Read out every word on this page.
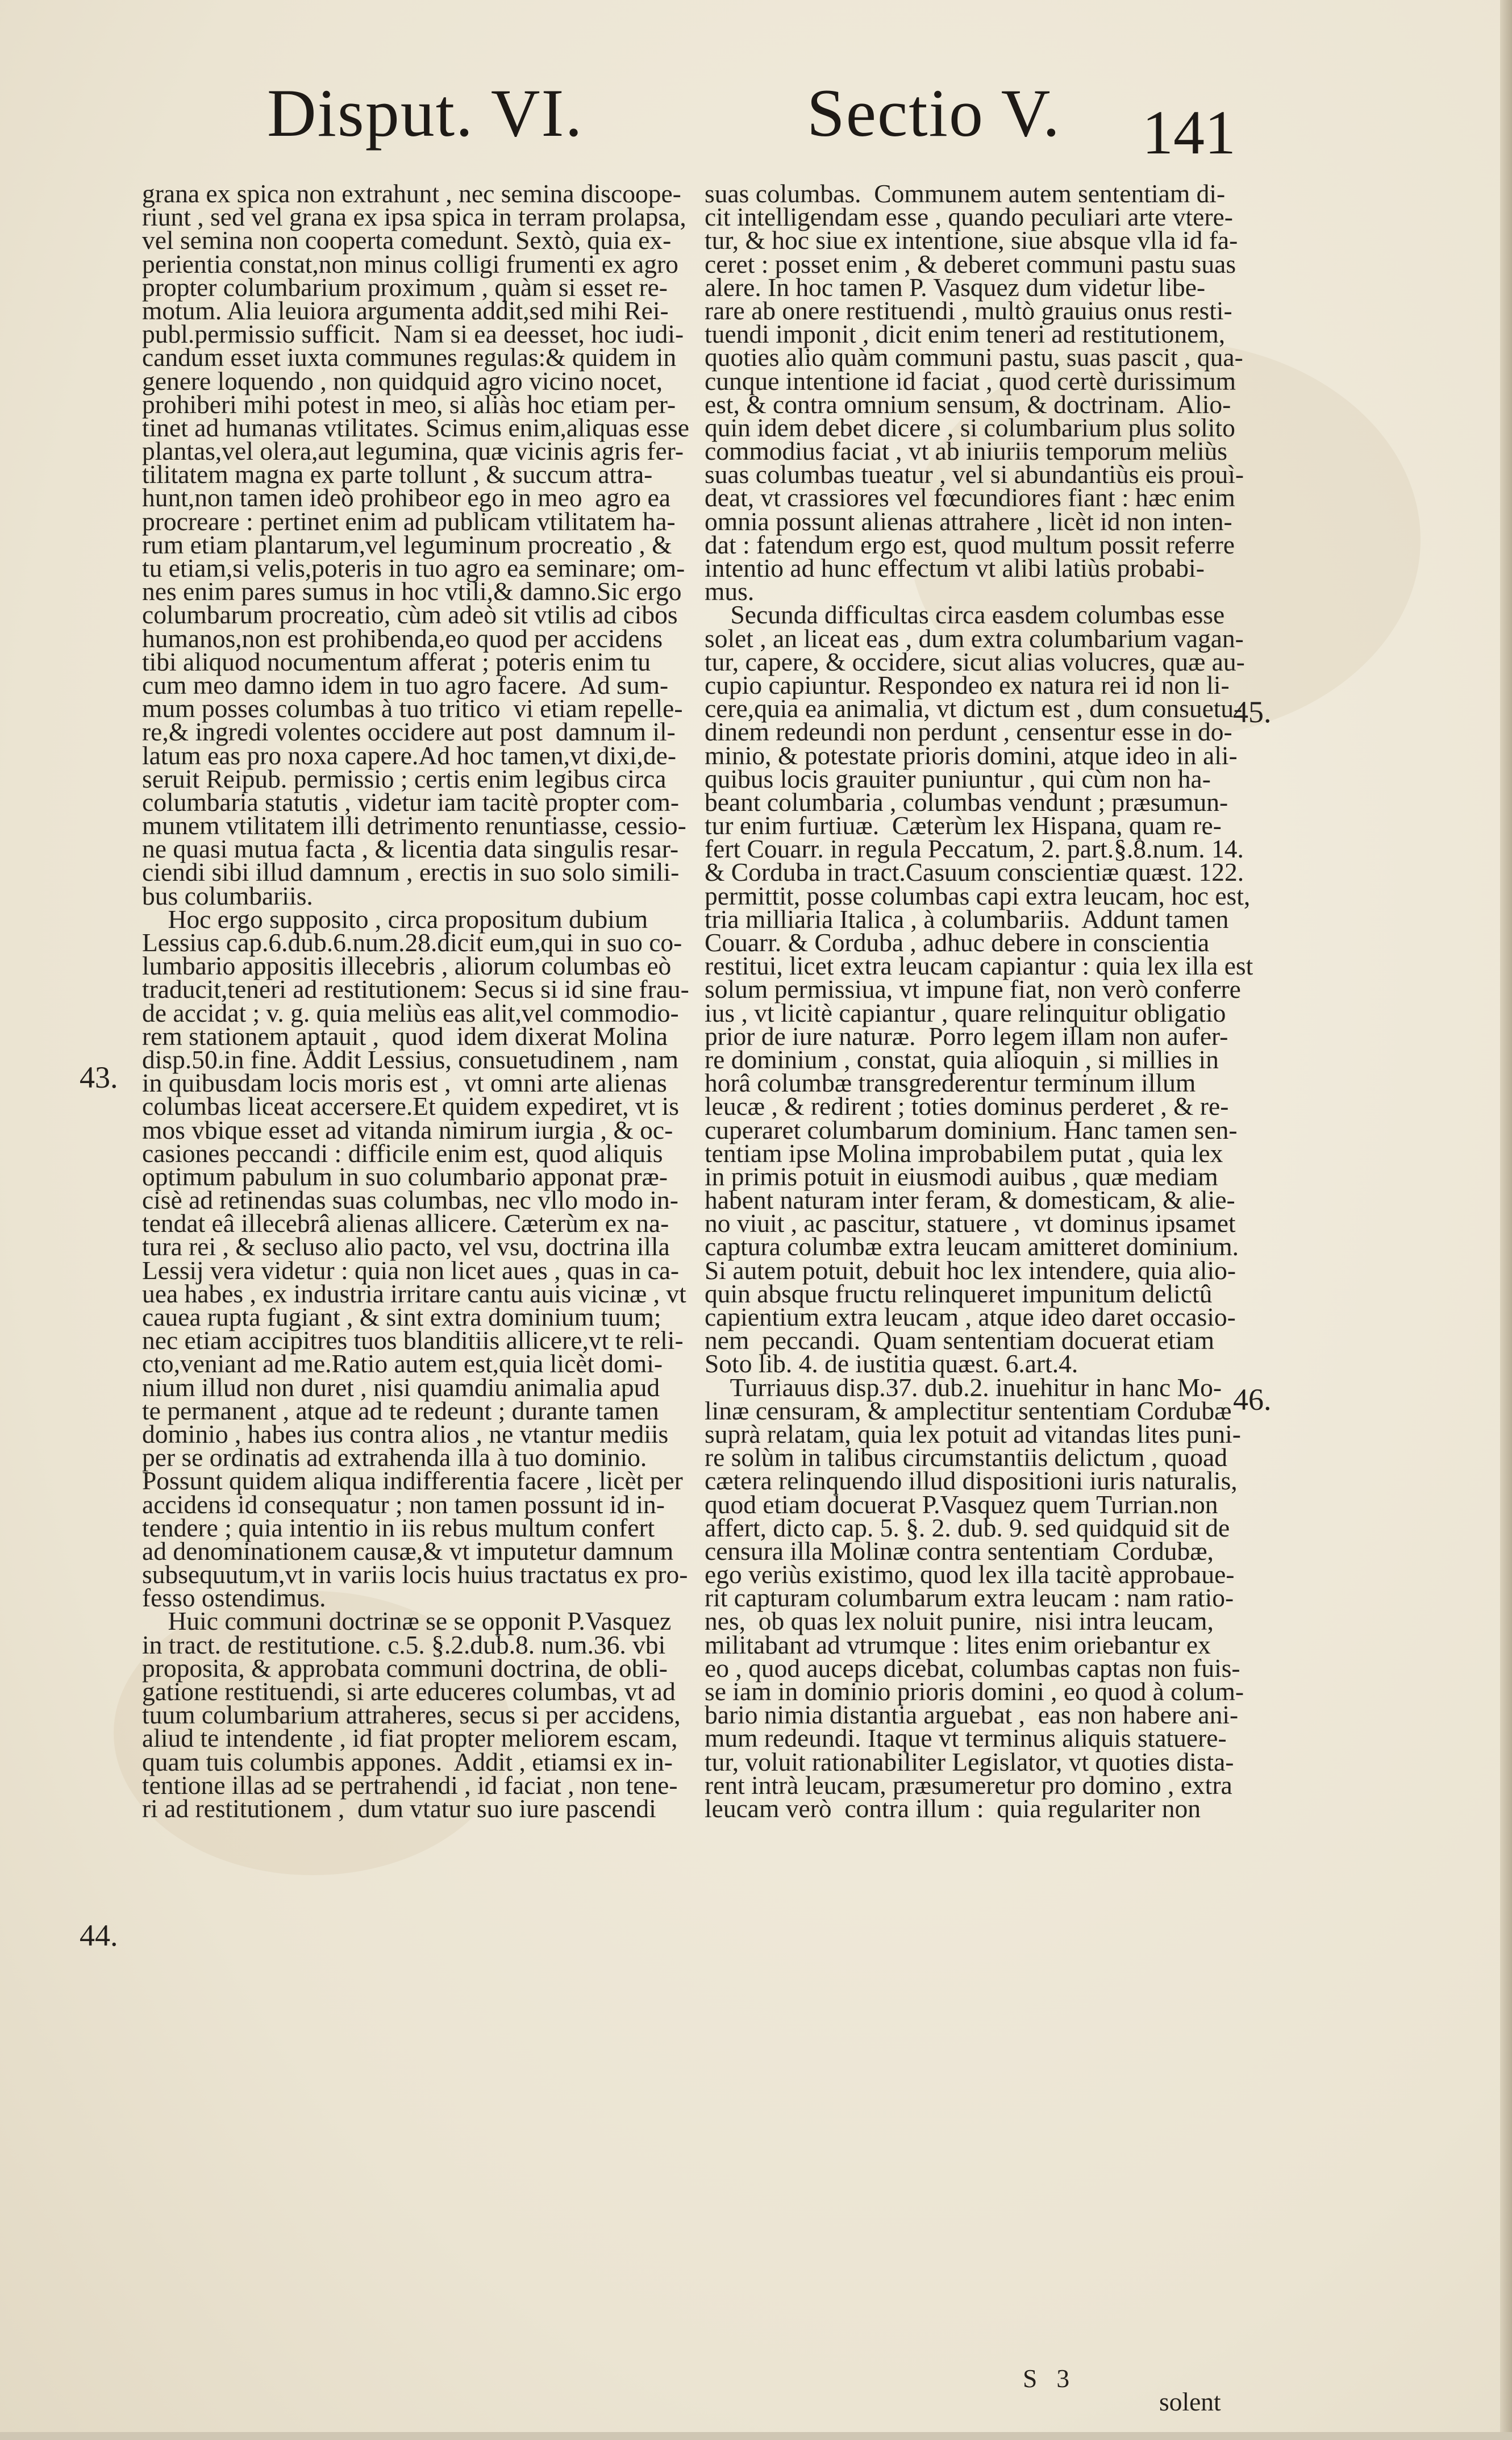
Disput. VI.	Sectio V. 141
43.
44.
45.
46.
grana ex spica non extrahunt , nec semina discoope-
riunt , sed vel grana ex ipsa spica in terram prolapsa,
vel semina non cooperta comedunt. Sextò, quia ex-
perientia constat,non minus colligi frumenti ex agro
propter columbarium proximum , quàm si esset re-
motum. Alia leuiora argumenta addit,sed mihi Rei-
publ.permissio sufficit.  Nam si ea deesset, hoc iudi-
candum esset iuxta communes regulas:& quidem in
genere loquendo , non quidquid agro vicino nocet,
prohiberi mihi potest in meo, si aliàs hoc etiam per-
tinet ad humanas vtilitates. Scimus enim,aliquas esse
plantas,vel olera,aut legumina, quæ vicinis agris fer-
tilitatem magna ex parte tollunt , & succum attra-
hunt,non tamen ideò prohibeor ego in meo  agro ea
procreare : pertinet enim ad publicam vtilitatem ha-
rum etiam plantarum,vel leguminum procreatio , &
tu etiam,si velis,poteris in tuo agro ea seminare; om-
nes enim pares sumus in hoc vtili,& damno.Sic ergo
columbarum procreatio, cùm adeò sit vtilis ad cibos
humanos,non est prohibenda,eo quod per accidens
tibi aliquod nocumentum afferat ; poteris enim tu
cum meo damno idem in tuo agro facere.  Ad sum-
mum posses columbas à tuo tritico  vi etiam repelle-
re,& ingredi volentes occidere aut post  damnum il-
latum eas pro noxa capere.Ad hoc tamen,vt dixi,de-
seruit Reipub. permissio ; certis enim legibus circa
columbaria statutis , videtur iam tacitè propter com-
munem vtilitatem illi detrimento renuntiasse, cessio-
ne quasi mutua facta , & licentia data singulis resar-
ciendi sibi illud damnum , erectis in suo solo simili-
bus columbariis.
Hoc ergo supposito , circa propositum dubium
Lessius cap.6.dub.6.num.28.dicit eum,qui in suo co-
lumbario appositis illecebris , aliorum columbas eò
traducit,teneri ad restitutionem: Secus si id sine frau-
de accidat ; v. g. quia meliùs eas alit,vel commodio-
rem stationem aptauit ,  quod  idem dixerat Molina
disp.50.in fine. Addit Lessius, consuetudinem , nam
in quibusdam locis moris est ,  vt omni arte alienas
columbas liceat accersere.Et quidem expediret, vt is
mos vbique esset ad vitanda nimirum iurgia , & oc-
casiones peccandi : difficile enim est, quod aliquis
optimum pabulum in suo columbario apponat præ-
cisè ad retinendas suas columbas, nec vllo modo in-
tendat eâ illecebrâ alienas allicere. Cæterùm ex na-
tura rei , & secluso alio pacto, vel vsu, doctrina illa
Lessij vera videtur : quia non licet aues , quas in ca-
uea habes , ex industria irritare cantu auis vicinæ , vt
cauea rupta fugiant , & sint extra dominium tuum;
nec etiam accipitres tuos blanditiis allicere,vt te reli-
cto,veniant ad me.Ratio autem est,quia licèt domi-
nium illud non duret , nisi quamdiu animalia apud
te permanent , atque ad te redeunt ; durante tamen
dominio , habes ius contra alios , ne vtantur mediis
per se ordinatis ad extrahenda illa à tuo dominio.
Possunt quidem aliqua indifferentia facere , licèt per
accidens id consequatur ; non tamen possunt id in-
tendere ; quia intentio in iis rebus multum confert
ad denominationem causæ,& vt imputetur damnum
subsequutum,vt in variis locis huius tractatus ex pro-
fesso ostendimus.
Huic communi doctrinæ se se opponit P.Vasquez
in tract. de restitutione. c.5. §.2.dub.8. num.36. vbi
proposita, & approbata communi doctrina, de obli-
gatione restituendi, si arte educeres columbas, vt ad
tuum columbarium attraheres, secus si per accidens,
aliud te intendente , id fiat propter meliorem escam,
quam tuis columbis appones.  Addit , etiamsi ex in-
tentione illas ad se pertrahendi , id faciat , non tene-
ri ad restitutionem ,  dum vtatur suo iure pascendi
suas columbas.  Communem autem sententiam di-
cit intelligendam esse , quando peculiari arte vtere-
tur, & hoc siue ex intentione, siue absque vlla id fa-
ceret : posset enim , & deberet communi pastu suas
alere. In hoc tamen P. Vasquez dum videtur libe-
rare ab onere restituendi , multò grauius onus resti-
tuendi imponit , dicit enim teneri ad restitutionem,
quoties alio quàm communi pastu, suas pascit , qua-
cunque intentione id faciat , quod certè durissimum
est, & contra omnium sensum, & doctrinam.  Alio-
quin idem debet dicere , si columbarium plus solito
commodius faciat , vt ab iniuriis temporum meliùs
suas columbas tueatur , vel si abundantiùs eis prouì-
deat, vt crassiores vel fœcundiores fiant : hæc enim
omnia possunt alienas attrahere , licèt id non inten-
dat : fatendum ergo est, quod multum possit referre
intentio ad hunc effectum vt alibi latiùs probabi-
mus.
Secunda difficultas circa easdem columbas esse
solet , an liceat eas , dum extra columbarium vagan-
tur, capere, & occidere, sicut alias volucres, quæ au-
cupio capiuntur. Respondeo ex natura rei id non li-
cere,quia ea animalia, vt dictum est , dum consuetu-
dinem redeundi non perdunt , censentur esse in do-
minio, & potestate prioris domini, atque ideo in ali-
quibus locis grauiter puniuntur , qui cùm non ha-
beant columbaria , columbas vendunt ; præsumun-
tur enim furtiuæ.  Cæterùm lex Hispana, quam re-
fert Couarr. in regula Peccatum, 2. part.§.8.num. 14.
& Corduba in tract.Casuum conscientiæ quæst. 122.
permittit, posse columbas capi extra leucam, hoc est,
tria milliaria Italica , à columbariis.  Addunt tamen
Couarr. & Corduba , adhuc debere in conscientia
restitui, licet extra leucam capiantur : quia lex illa est
solum permissiua, vt impune fiat, non verò conferre
ius , vt licitè capiantur , quare relinquitur obligatio
prior de iure naturæ.  Porro legem illam non aufer-
re dominium , constat, quia alioquin , si millies in
horâ columbæ transgrederentur terminum illum
leucæ , & redirent ; toties dominus perderet , & re-
cuperaret columbarum dominium. Hanc tamen sen-
tentiam ipse Molina improbabilem putat , quia lex
in primis potuit in eiusmodi auibus , quæ mediam
habent naturam inter feram, & domesticam, & alie-
no viuit , ac pascitur, statuere ,  vt dominus ipsamet
captura columbæ extra leucam amitteret dominium.
Si autem potuit, debuit hoc lex intendere, quia alio-
quin absque fructu relinqueret impunitum delictû
capientium extra leucam , atque ideo daret occasio-
nem  peccandi.  Quam sententiam docuerat etiam
Soto lib. 4. de iustitia quæst. 6.art.4.
Turriauus disp.37. dub.2. inuehitur in hanc Mo-
linæ censuram, & amplectitur sententiam Cordubæ
suprà relatam, quia lex potuit ad vitandas lites puni-
re solùm in talibus circumstantiis delictum , quoad
cætera relinquendo illud dispositioni iuris naturalis,
quod etiam docuerat P.Vasquez quem Turrian.non
affert, dicto cap. 5. §. 2. dub. 9. sed quidquid sit de
censura illa Molinæ contra sententiam  Cordubæ,
ego veriùs existimo, quod lex illa tacitè approbaue-
rit capturam columbarum extra leucam : nam ratio-
nes,  ob quas lex noluit punire,  nisi intra leucam,
militabant ad vtrumque : lites enim oriebantur ex
eo , quod auceps dicebat, columbas captas non fuis-
se iam in dominio prioris domini , eo quod à colum-
bario nimia distantia arguebat ,  eas non habere ani-
mum redeundi. Itaque vt terminus aliquis statuere-
tur, voluit rationabiliter Legislator, vt quoties dista-
rent intrà leucam, præsumeretur pro domino , extra
leucam verò  contra illum :  quia regulariter non

S   3

solent
